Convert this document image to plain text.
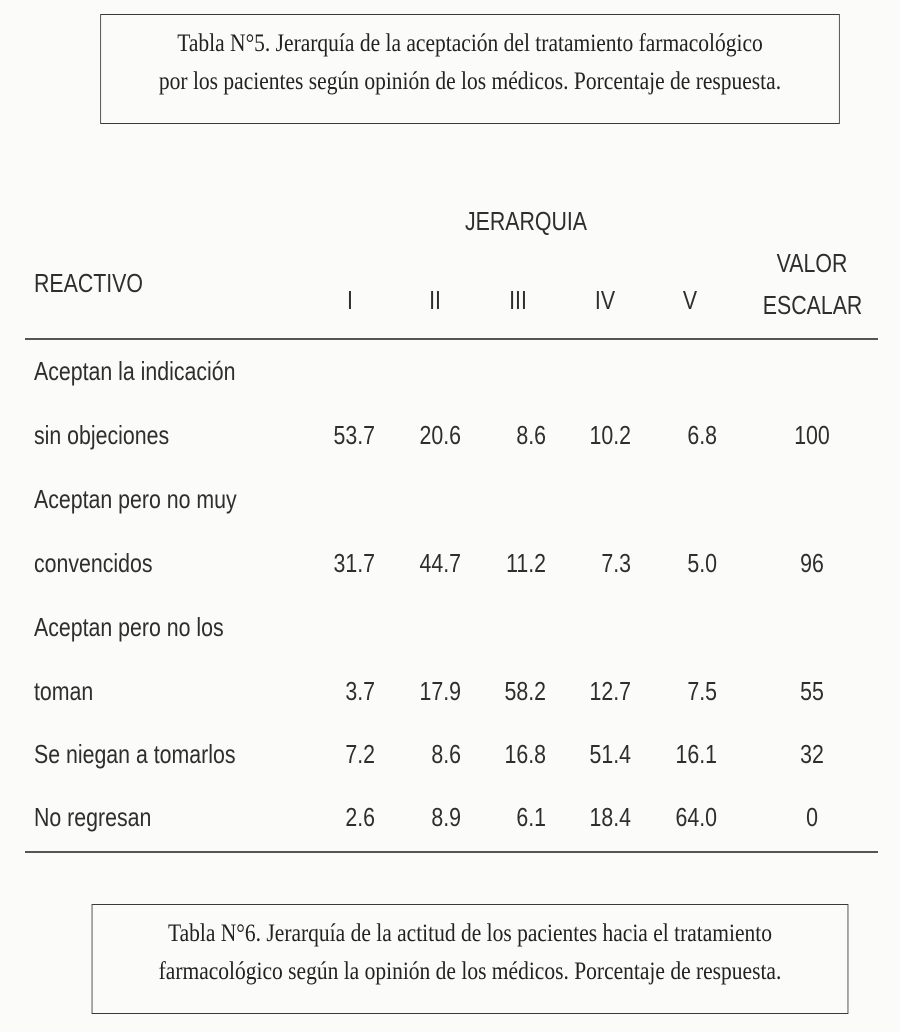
Tabla N°5. Jerarquía de la aceptación del tratamiento farmacológico
por los pacientes según opinión de los médicos. Porcentaje de respuesta.
JERARQUIA
REACTIVO
I	II	III	IV	V
VALOR
ESCALAR
Aceptan la indicación
sin objeciones	53.7	20.6	8.6	10.2	6.8	100
Aceptan pero no muy
convencidos	31.7	44.7	11.2	7.3	5.0	96
Aceptan pero no los
toman	3.7	17.9	58.2	12.7	7.5	55
Se niegan a tomarlos	7.2	8.6	16.8	51.4	16.1	32
No regresan	2.6	8.9	6.1	18.4	64.0	0
Tabla N°6. Jerarquía de la actitud de los pacientes hacia el tratamiento
farmacológico según la opinión de los médicos. Porcentaje de respuesta.
